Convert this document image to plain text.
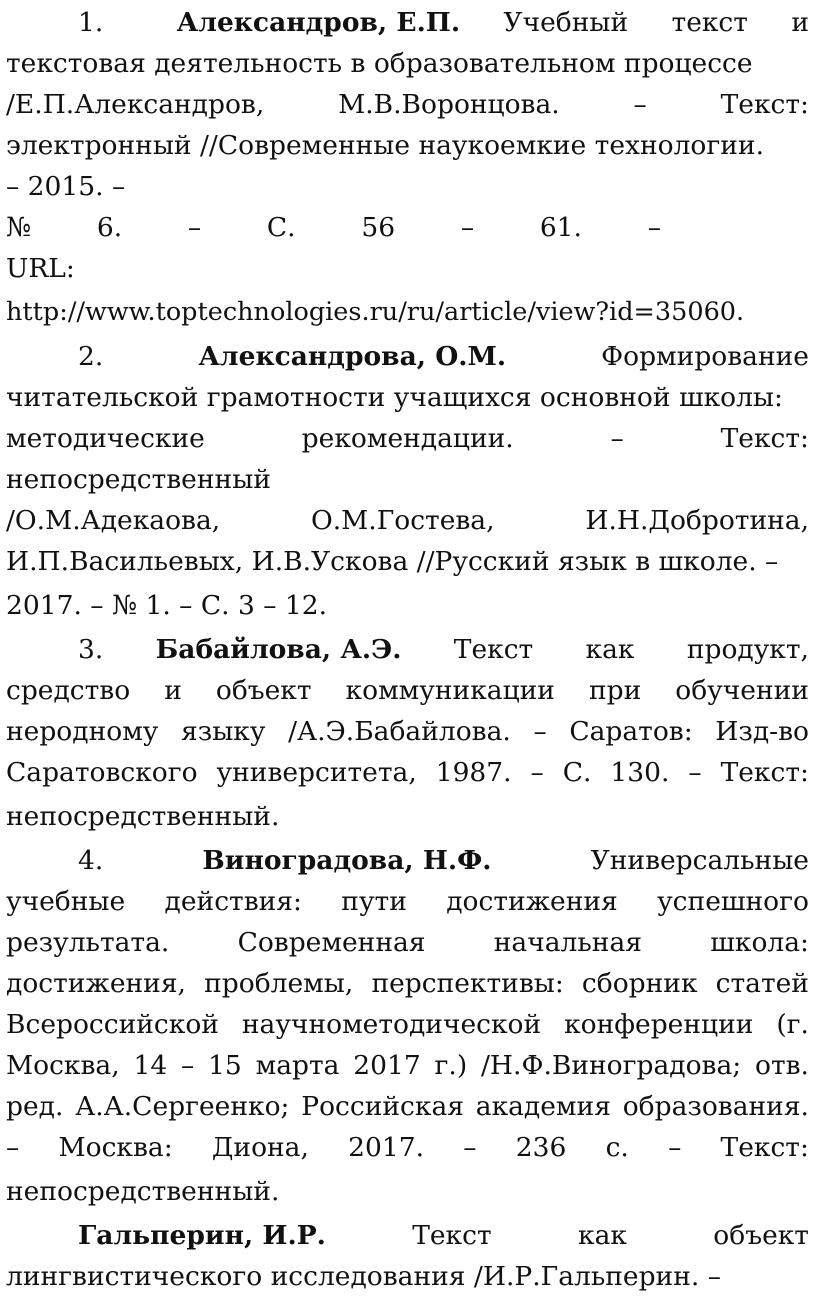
1.	Александров, Е.П. Учебный текст и
текстовая деятельность в образовательном процессе
/Е.П.Александров,	М.В.Воронцова.	–	Текст:
электронный //Современные наукоемкие технологии.
– 2015. –
№ 6. – С. 56 – 61. –
URL:
http://www.toptechnologies.ru/ru/article/view?id=35060.
2.	Александрова, О.М.	Формирование
читательской грамотности учащихся основной школы:
методические	рекомендации.	–	Текст:
непосредственный
/О.М.Адекаова,	О.М.Гостева,	И.Н.Добротина,
И.П.Васильевых, И.В.Ускова //Русский язык в школе. –
2017. – № 1. – С. 3 – 12.
3. Бабайлова, А.Э. Текст как продукт,
средство и объект коммуникации при обучении
неродному языку /А.Э.Бабайлова. – Саратов: Изд-во
Саратовского университета, 1987. – С. 130. – Текст:
непосредственный.
4.	Виноградова, Н.Ф.	Универсальные
учебные действия: пути достижения успешного
результата.	Современная	начальная	школа:
достижения, проблемы, перспективы: сборник статей
Всероссийской научнометодической конференции (г.
Москва, 14 – 15 марта 2017 г.) /Н.Ф.Виноградова; отв.
ред. А.А.Сергеенко; Российская академия образования.
– Москва: Диона, 2017. – 236 с. – Текст:
непосредственный.
Гальперин, И.Р.	Текст	как	объект
лингвистического исследования /И.Р.Гальперин. –
